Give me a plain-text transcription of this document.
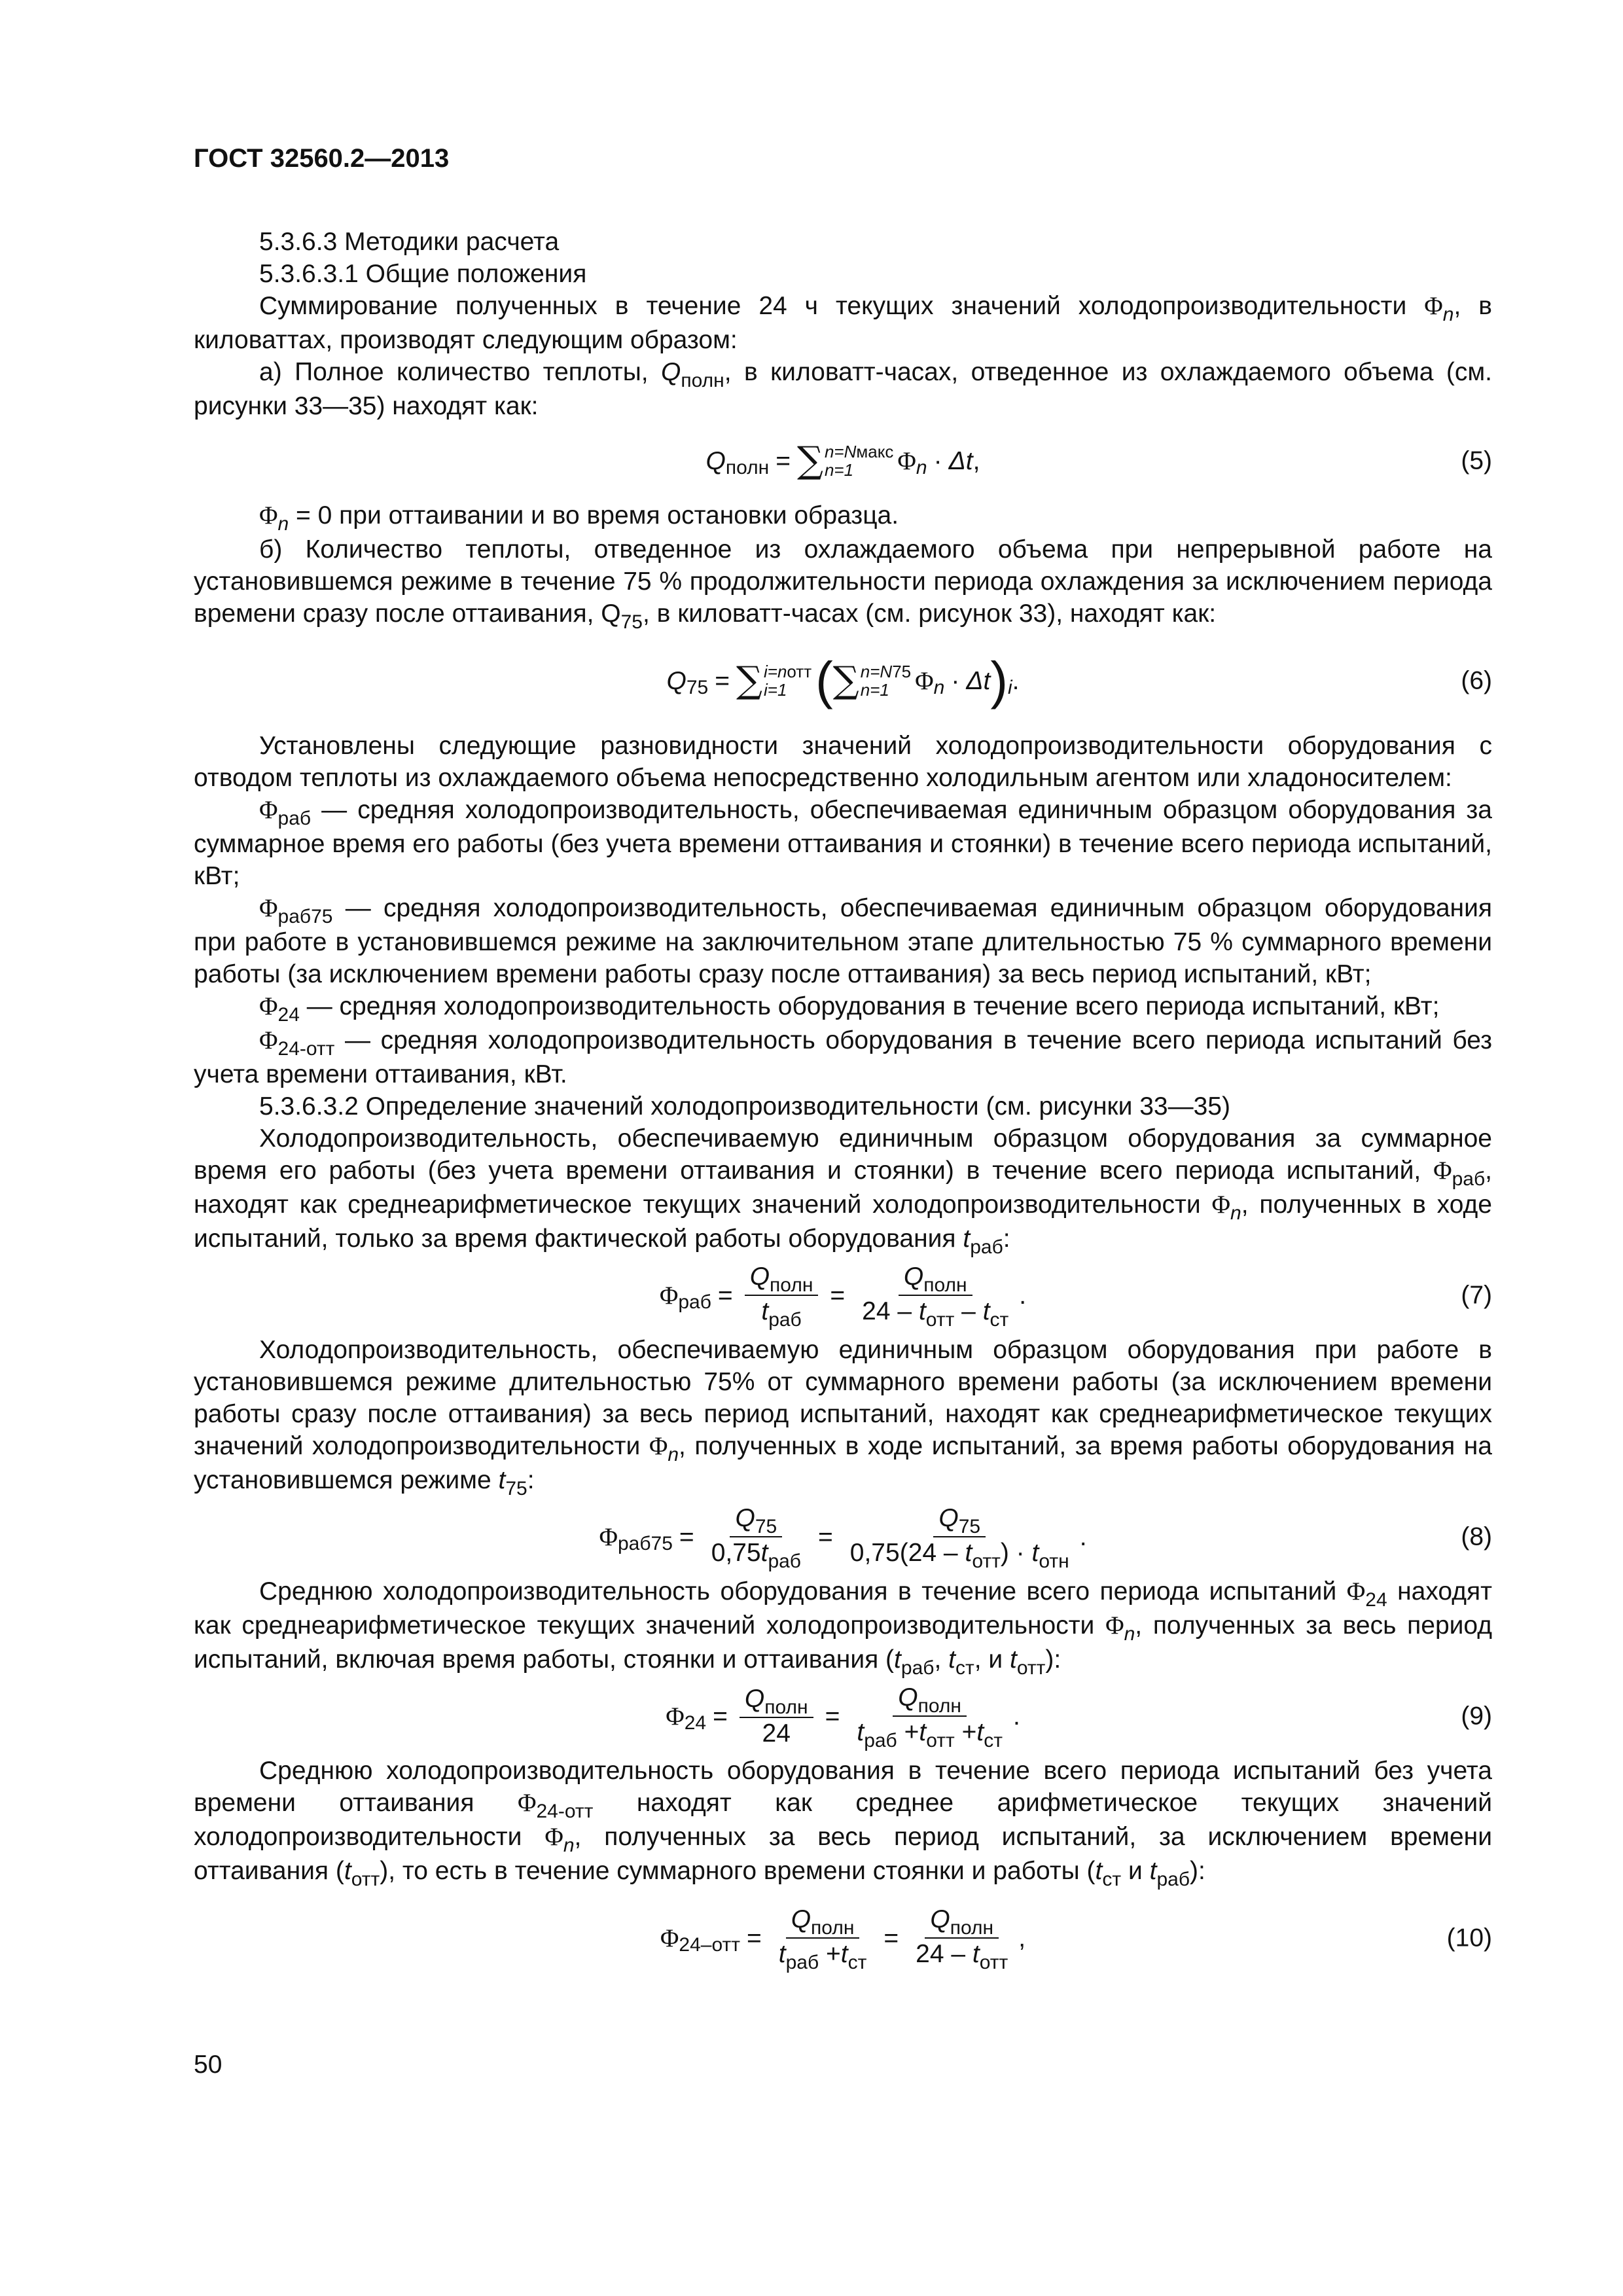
ГОСТ 32560.2—2013

5.3.6.3 Методики расчета

5.3.6.3.1 Общие положения

Суммирование полученных в течение 24 ч текущих значений холодопроизводительности $\Phi_n$, в киловаттах, производят следующим образом:

а) Полное количество теплоты, $Q_{полн}$, в киловатт-часах, отведенное из охлаждаемого объема (см. рисунки 33—35) находят как:

Q полн = ∑ n=Nмакс
n=1	Φ n · Δt ,	(5)

$\Phi_n = 0$ при оттаивании и во время остановки образца.

б) Количество теплоты, отведенное из охлаждаемого объема при непрерывной работе на установившемся режиме в течение 75 % продолжительности периода охлаждения за исключением периода времени сразу после оттаивания, $Q_{75}$, в киловатт-часах (см. рисунок 33), находят как:

Q 75 = ∑ i=nотт
i=1 ( ∑ n=N75
n=1	Φ n · Δt ) i .	(6)

Установлены следующие разновидности значений холодопроизводительности оборудования с отводом теплоты из охлаждаемого объема непосредственно холодильным агентом или хладоносителем:

$\Phi_{раб}$ — средняя холодопроизводительность, обеспечиваемая единичным образцом оборудования за суммарное время его работы (без учета времени оттаивания и стоянки) в течение всего периода испытаний, кВт;

$\Phi_{раб75}$ — средняя холодопроизводительность, обеспечиваемая единичным образцом оборудования при работе в установившемся режиме на заключительном этапе длительностью 75 % суммарного времени работы (за исключением времени работы сразу после оттаивания) за весь период испытаний, кВт;

$\Phi_{24}$ — средняя холодопроизводительность оборудования в течение всего периода испытаний, кВт;

$\Phi_{24-отт}$ — средняя холодопроизводительность оборудования в течение всего периода испытаний без учета времени оттаивания, кВт.

5.3.6.3.2 Определение значений холодопроизводительности (см. рисунки 33—35)

Холодопроизводительность, обеспечиваемую единичным образцом оборудования за суммарное время его работы (без учета времени оттаивания и стоянки) в течение всего периода испытаний, $\Phi_{раб}$, находят как среднеарифметическое текущих значений холодопроизводительности $\Phi_n$, полученных в ходе испытаний, только за время фактической работы оборудования $t_{раб}$:

Φ раб = $\frac{Q_{полн}}{t_{раб}} = \frac{Q_{полн}}{24 - t_{отт} - t_{ст}}$ .	(7)

Холодопроизводительность, обеспечиваемую единичным образцом оборудования при работе в установившемся режиме длительностью 75% от суммарного времени работы (за исключением времени работы сразу после оттаивания) за весь период испытаний, находят как среднеарифметическое текущих значений холодопроизводительности $\Phi_n$, полученных в ходе испытаний, за время работы оборудования на установившемся режиме $t_{75}$:

Φ $раб75 = \frac{Q_{75}}{0,75t_{раб}} = \frac{Q_{75}}{0,75(24 - t_{отт}) \cdot t_{отн}}$ .	(8)

Среднюю холодопроизводительность оборудования в течение всего периода испытаний $\Phi_{24}$ находят как среднеарифметическое текущих значений холодопроизводительности $\Phi_n$, полученных за весь период испытаний, включая время работы, стоянки и оттаивания ($t_{раб}$, $t_{ст}$, и $t_{отт}$):

Φ $24 = \frac{Q_{полн}}{24} = \frac{Q_{полн}}{t_{раб} +t_{отт} +t_{ст}}$ .	(9)

Среднюю холодопроизводительность оборудования в течение всего периода испытаний без учета времени оттаивания $\Phi_{24-отт}$ находят как среднее арифметическое текущих значений холодопроизводительности $\Phi_n$, полученных за весь период испытаний, за исключением времени оттаивания $(t_{отт})$, то есть в течение суммарного времени стоянки и работы ($t_{ст}$ и $t_{раб}$):

Φ $24-отт = \frac{Q_{полн}}{t_{раб} +t_{ст}} = \frac{Q_{полн}}{24 - t_{отт}}$ ,	(10)
50
